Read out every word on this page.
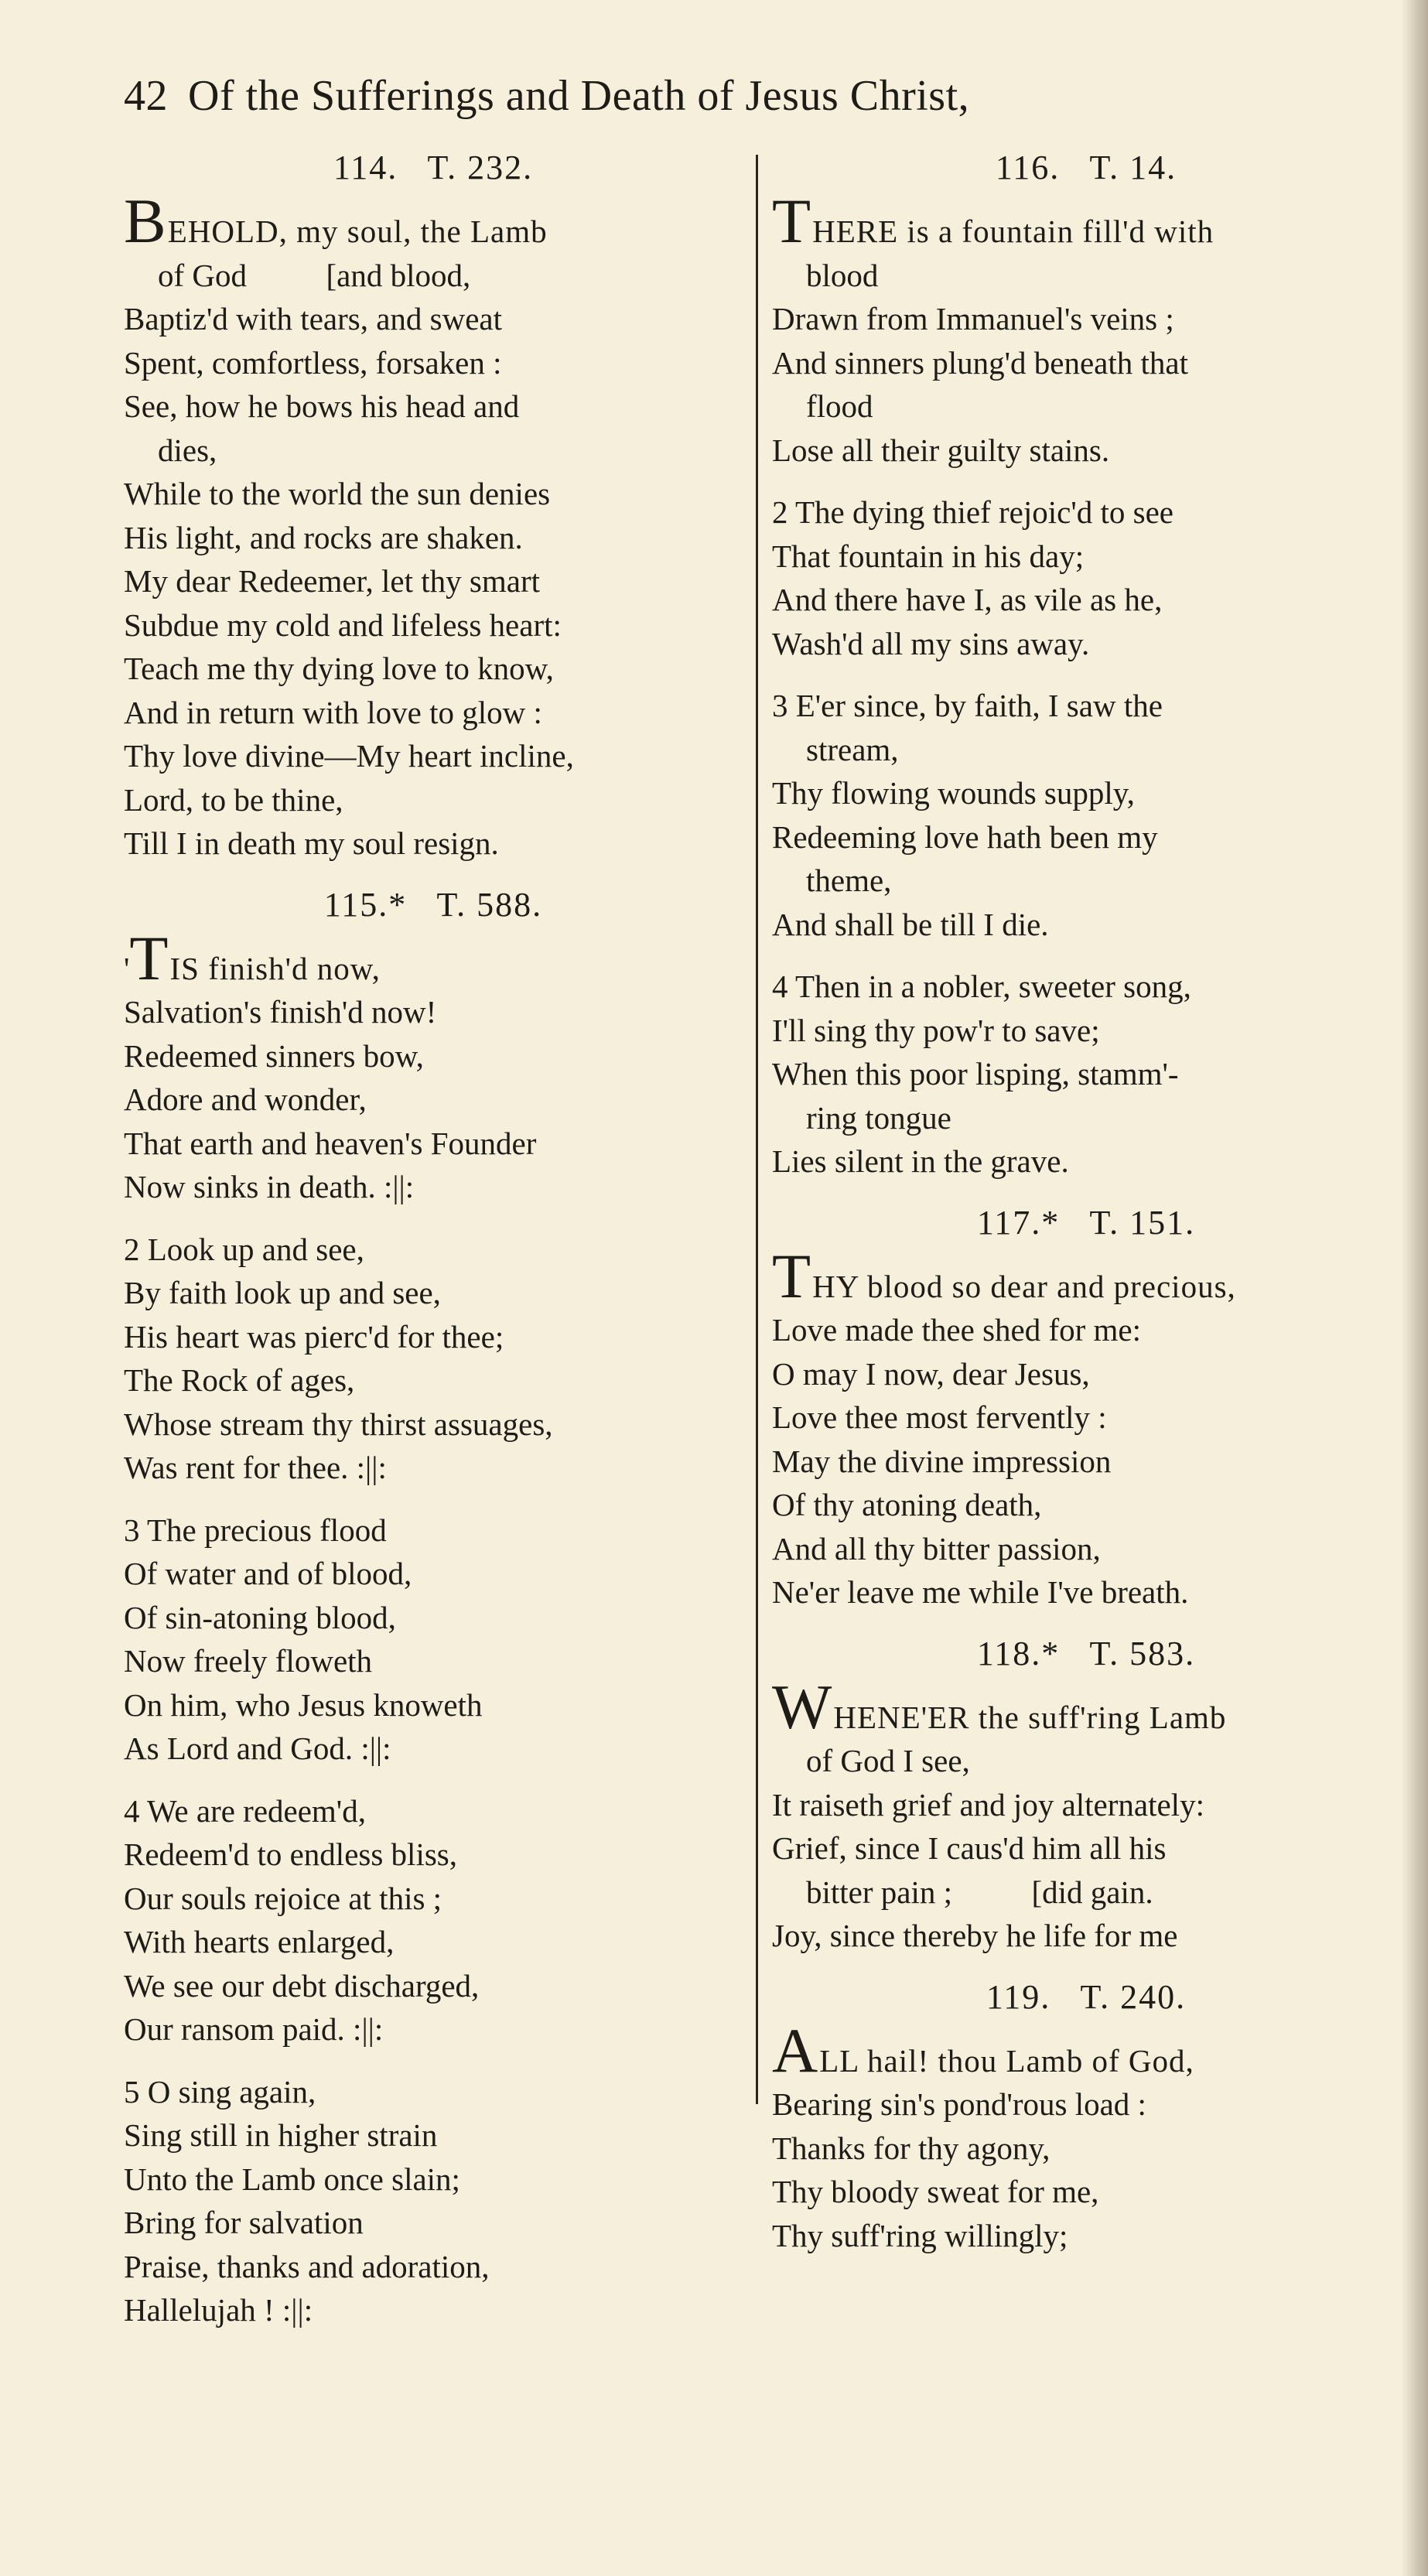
42 Of the Sufferings and Death of Jesus Christ,
114.   T. 232.
BEHOLD, my soul, the Lamb
of God          [and blood,
Baptiz'd with tears, and sweat
Spent, comfortless, forsaken :
See, how he bows his head and
dies,
While to the world the sun denies
His light, and rocks are shaken.
My dear Redeemer, let thy smart
Subdue my cold and lifeless heart:
Teach me thy dying love to know,
And in return with love to glow :
Thy love divine—My heart incline,
Lord, to be thine,
Till I in death my soul resign.
115.*   T. 588.
'TIS finish'd now,
Salvation's finish'd now!
Redeemed sinners bow,
Adore and wonder,
That earth and heaven's Founder
Now sinks in death. :||:
2 Look up and see,
By faith look up and see,
His heart was pierc'd for thee;
The Rock of ages,
Whose stream thy thirst assuages,
Was rent for thee. :||:
3 The precious flood
Of water and of blood,
Of sin-atoning blood,
Now freely floweth
On him, who Jesus knoweth
As Lord and God. :||:
4 We are redeem'd,
Redeem'd to endless bliss,
Our souls rejoice at this ;
With hearts enlarged,
We see our debt discharged,
Our ransom paid. :||:
5 O sing again,
Sing still in higher strain
Unto the Lamb once slain;
Bring for salvation
Praise, thanks and adoration,
Hallelujah ! :||:
116.   T. 14.
THERE is a fountain fill'd with
blood
Drawn from Immanuel's veins ;
And sinners plung'd beneath that
flood
Lose all their guilty stains.
2 The dying thief rejoic'd to see
That fountain in his day;
And there have I, as vile as he,
Wash'd all my sins away.
3 E'er since, by faith, I saw the
stream,
Thy flowing wounds supply,
Redeeming love hath been my
theme,
And shall be till I die.
4 Then in a nobler, sweeter song,
I'll sing thy pow'r to save;
When this poor lisping, stamm'-
ring tongue
Lies silent in the grave.
117.*   T. 151.
THY blood so dear and precious,
Love made thee shed for me:
O may I now, dear Jesus,
Love thee most fervently :
May the divine impression
Of thy atoning death,
And all thy bitter passion,
Ne'er leave me while I've breath.
118.*   T. 583.
WHENE'ER the suff'ring Lamb
of God I see,
It raiseth grief and joy alternately:
Grief, since I caus'd him all his
bitter pain ;          [did gain.
Joy, since thereby he life for me
119.   T. 240.
ALL hail! thou Lamb of God,
Bearing sin's pond'rous load :
Thanks for thy agony,
Thy bloody sweat for me,
Thy suff'ring willingly;
